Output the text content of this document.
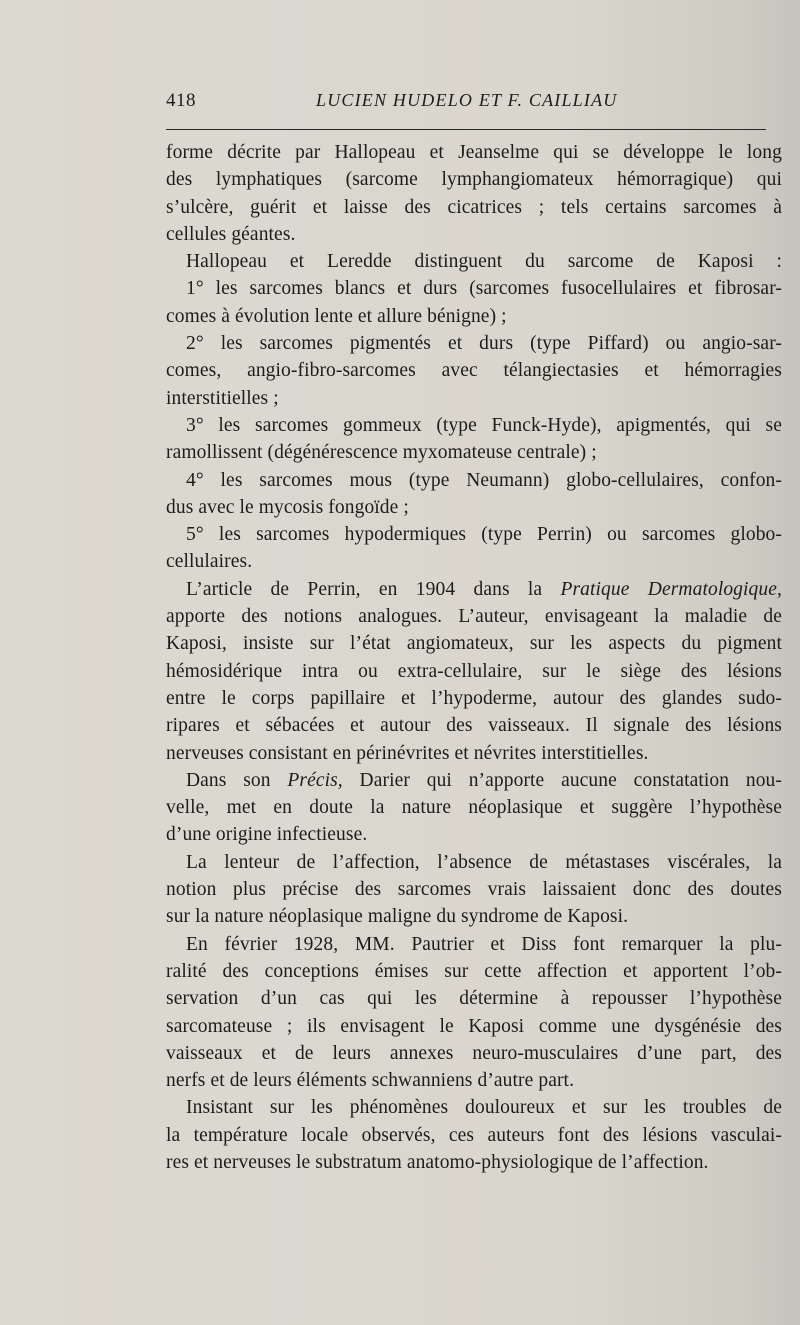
418	LUCIEN HUDELO ET F. CAILLIAU
forme décrite par Hallopeau et Jeanselme qui se développe le long
des lymphatiques (sarcome lymphangiomateux hémorragique) qui
s’ulcère, guérit et laisse des cicatrices ; tels certains sarcomes à
cellules géantes.
Hallopeau et Leredde distinguent du sarcome de Kaposi :
1° les sarcomes blancs et durs (sarcomes fusocellulaires et fibrosar-
comes à évolution lente et allure bénigne) ;
2° les sarcomes pigmentés et durs (type Piffard) ou angio-sar-
comes, angio-fibro-sarcomes avec télangiectasies et hémorragies
interstitielles ;
3° les sarcomes gommeux (type Funck-Hyde), apigmentés, qui se
ramollissent (dégénérescence myxomateuse centrale) ;
4° les sarcomes mous (type Neumann) globo-cellulaires, confon-
dus avec le mycosis fongoïde ;
5° les sarcomes hypodermiques (type Perrin) ou sarcomes globo-
cellulaires.
L’article de Perrin, en 1904 dans la Pratique Dermatologique,
apporte des notions analogues. L’auteur, envisageant la maladie de
Kaposi, insiste sur l’état angiomateux, sur les aspects du pigment
hémosidérique intra ou extra-cellulaire, sur le siège des lésions
entre le corps papillaire et l’hypoderme, autour des glandes sudo-
ripares et sébacées et autour des vaisseaux. Il signale des lésions
nerveuses consistant en périnévrites et névrites interstitielles.
Dans son Précis, Darier qui n’apporte aucune constatation nou-
velle, met en doute la nature néoplasique et suggère l’hypothèse
d’une origine infectieuse.
La lenteur de l’affection, l’absence de métastases viscérales, la
notion plus précise des sarcomes vrais laissaient donc des doutes
sur la nature néoplasique maligne du syndrome de Kaposi.
En février 1928, MM. Pautrier et Diss font remarquer la plu-
ralité des conceptions émises sur cette affection et apportent l’ob-
servation d’un cas qui les détermine à repousser l’hypothèse
sarcomateuse ; ils envisagent le Kaposi comme une dysgénésie des
vaisseaux et de leurs annexes neuro-musculaires d’une part, des
nerfs et de leurs éléments schwanniens d’autre part.
Insistant sur les phénomènes douloureux et sur les troubles de
la température locale observés, ces auteurs font des lésions vasculai-
res et nerveuses le substratum anatomo-physiologique de l’affection.
